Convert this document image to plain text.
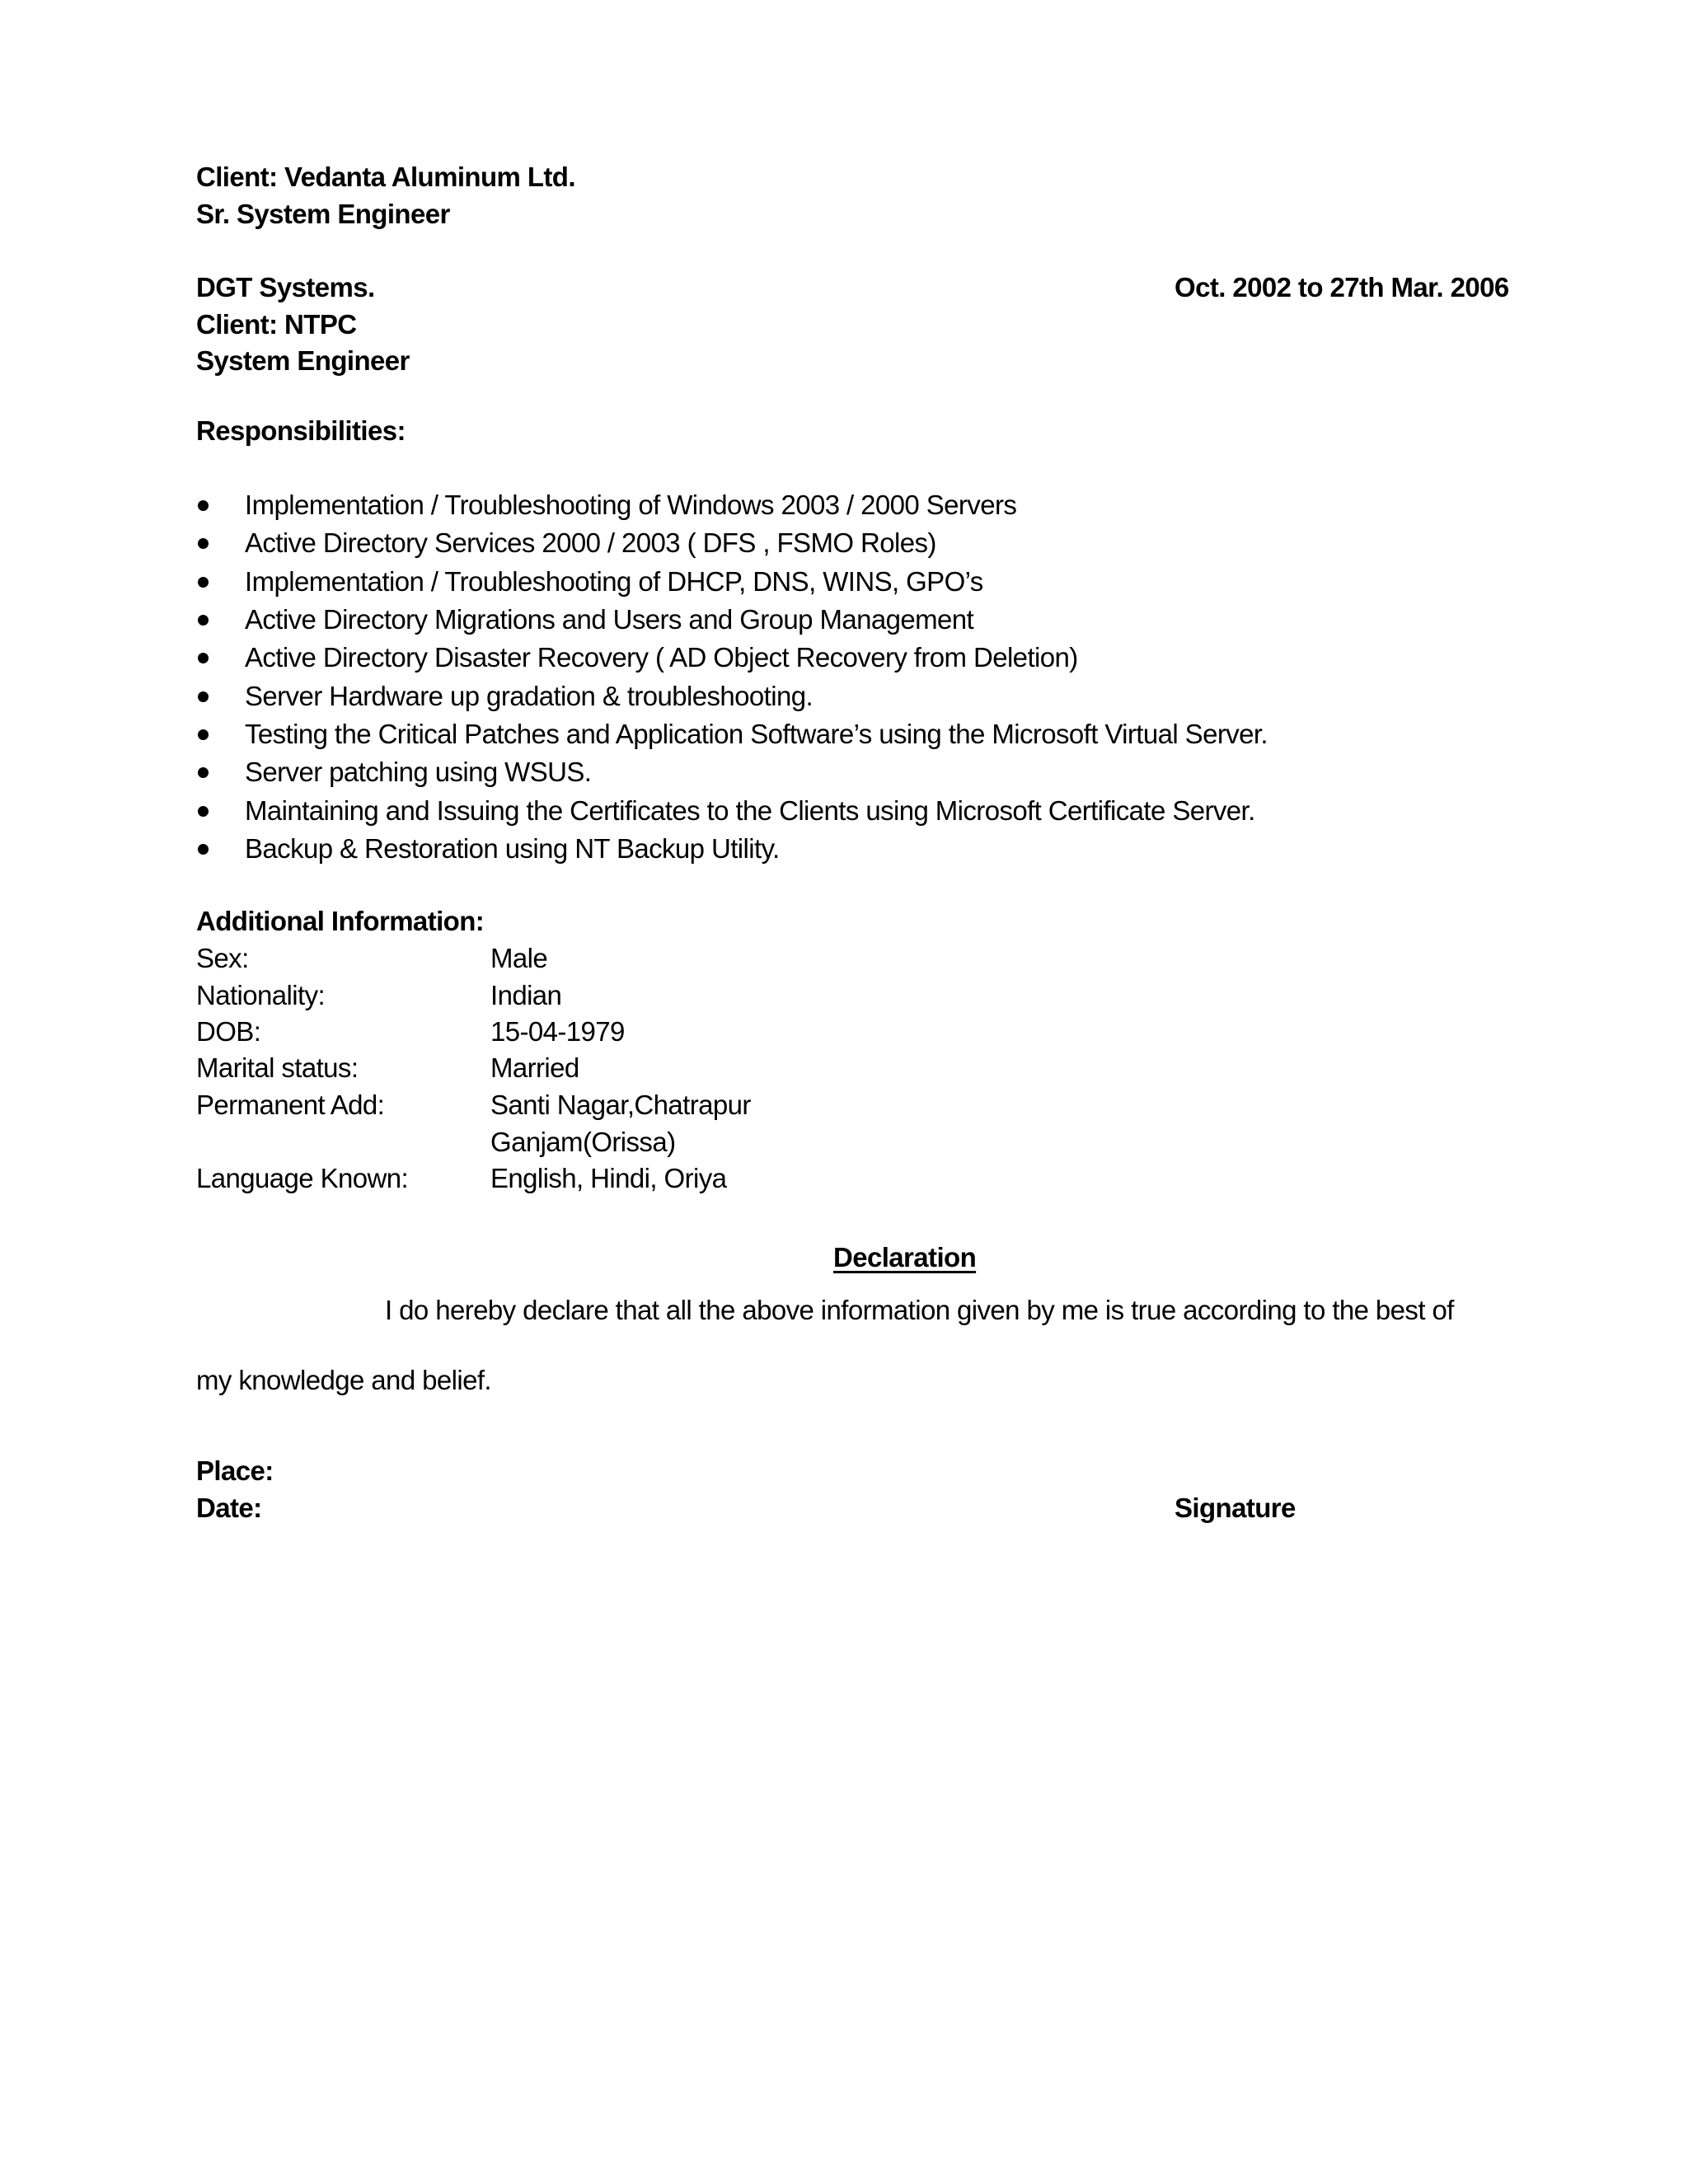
Client: Vedanta Aluminum Ltd.
Sr. System Engineer
DGT Systems.	Oct. 2002 to 27th Mar. 2006
Client: NTPC
System Engineer
Responsibilities:
Implementation / Troubleshooting of Windows 2003 / 2000 Servers
Active Directory Services 2000 / 2003 ( DFS , FSMO Roles)
Implementation / Troubleshooting of DHCP, DNS, WINS, GPO’s
Active Directory Migrations and Users and Group Management
Active Directory Disaster Recovery ( AD Object Recovery from Deletion)
Server Hardware up gradation & troubleshooting.
Testing the Critical Patches and Application Software’s using the Microsoft Virtual Server.
Server patching using WSUS.
Maintaining and Issuing the Certificates to the Clients using Microsoft Certificate Server.
Backup & Restoration using NT Backup Utility.
Additional Information:
Sex:	Male
Nationality:	Indian
DOB:	15-04-1979
Marital status:	Married
Permanent Add:	Santi Nagar,Chatrapur
Ganjam(Orissa)
Language Known:	English, Hindi, Oriya
Declaration
I do hereby declare that all the above information given by me is true according to the best of
my knowledge and belief.
Place:
Date:	Signature
